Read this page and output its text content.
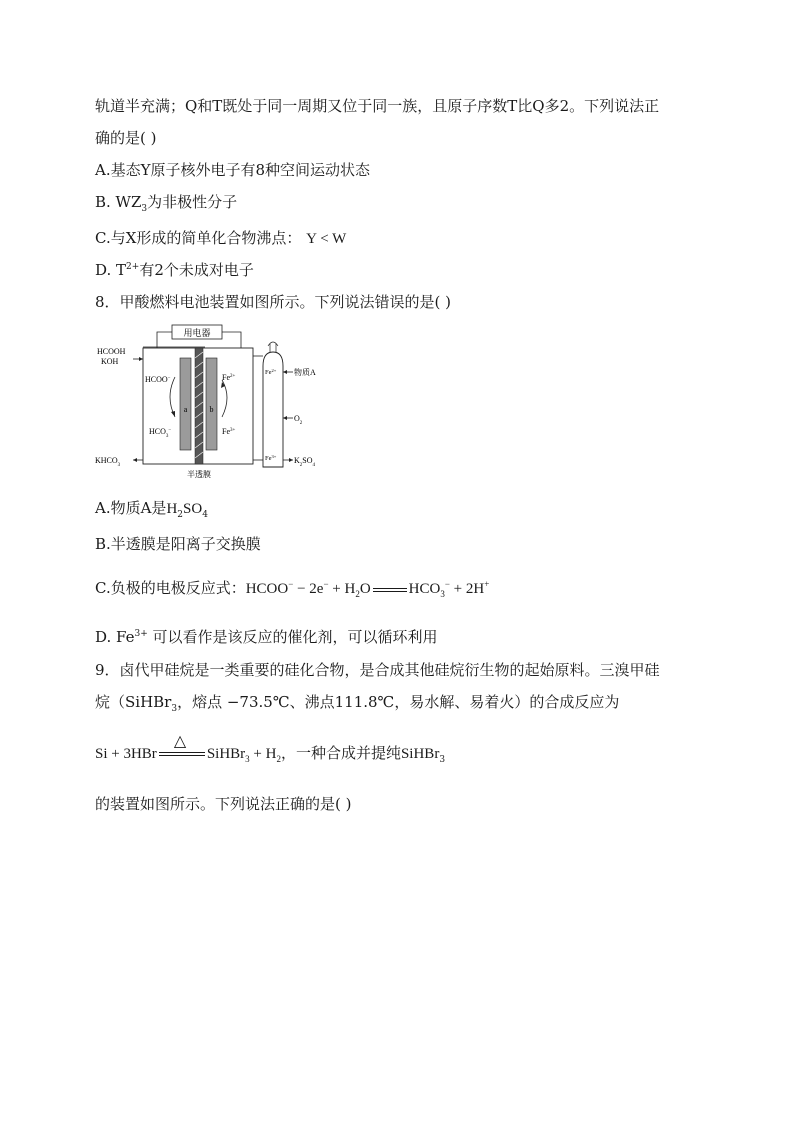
轨道半充满；Q和T既处于同一周期又位于同一族，且原子序数T比Q多2。下列说法正
确的是( )
A.基态Y原子核外电子有8种空间运动状态
B. $WZ_3$为非极性分子
C.与X形成的简单化合物沸点： Y < W
D. $T^{2+}$有2个未成对电子
8．甲酸燃料电池装置如图所示。下列说法错误的是( )
用电器
a	b
HCOOH
KOH
HCOO−
$HCO_3^-$
$KHCO_3$
$Fe^{2+}$
$Fe^{3+}$
$Fe^{2+}$
$Fe^{3+}$
物质A
$O_2$
$K_2SO_4$
半透膜
A.物质A是$H_2SO_4$
B.半透膜是阳离子交换膜
C.负极的电极反应式：HCOO− − $2e^- + H_2O$	$HCO_3^- + 2H^+$
D. $Fe^{3+}$ 可以看作是该反应的催化剂，可以循环利用
9．卤代甲硅烷是一类重要的硅化合物，是合成其他硅烷衍生物的起始原料。三溴甲硅
烷（SiHBr$_3$，熔点 −73.5℃、沸点111.8℃，易水解、易着火）的合成反应为
Si + 3HBr
△
SiHBr$_3$ + $H_2$，一种合成并提纯SiHBr$_3$
的装置如图所示。下列说法正确的是( )
